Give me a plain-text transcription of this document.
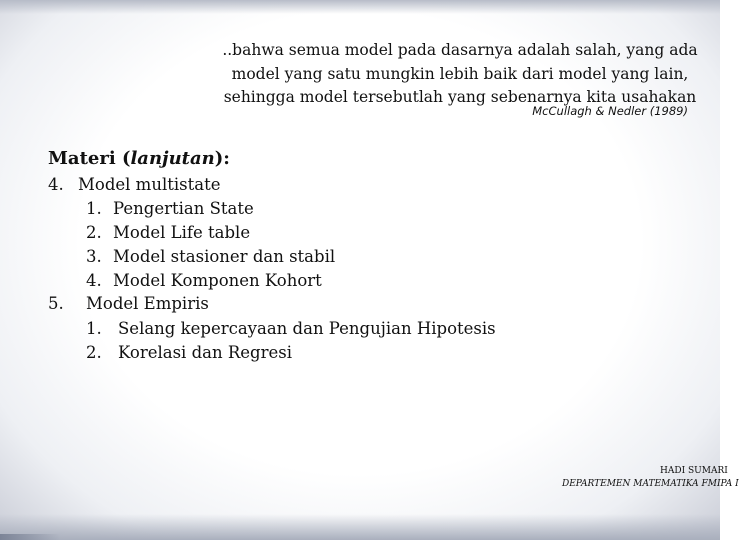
..bahwa semua model pada dasarnya adalah salah, yang ada
model yang satu mungkin lebih baik dari model yang lain,
sehingga model tersebutlah yang sebenarnya kita usahakan
McCullagh & Nedler (1989)
Materi (lanjutan):
4. Model multistate
1. Pengertian State
2. Model Life table
3. Model stasioner dan stabil
4. Model Komponen Kohort
5. Model Empiris
1. Selang kepercayaan dan Pengujian Hipotesis
2. Korelasi dan Regresi
HADI SUMARI
DEPARTEMEN MATEMATIKA FMIPA I
